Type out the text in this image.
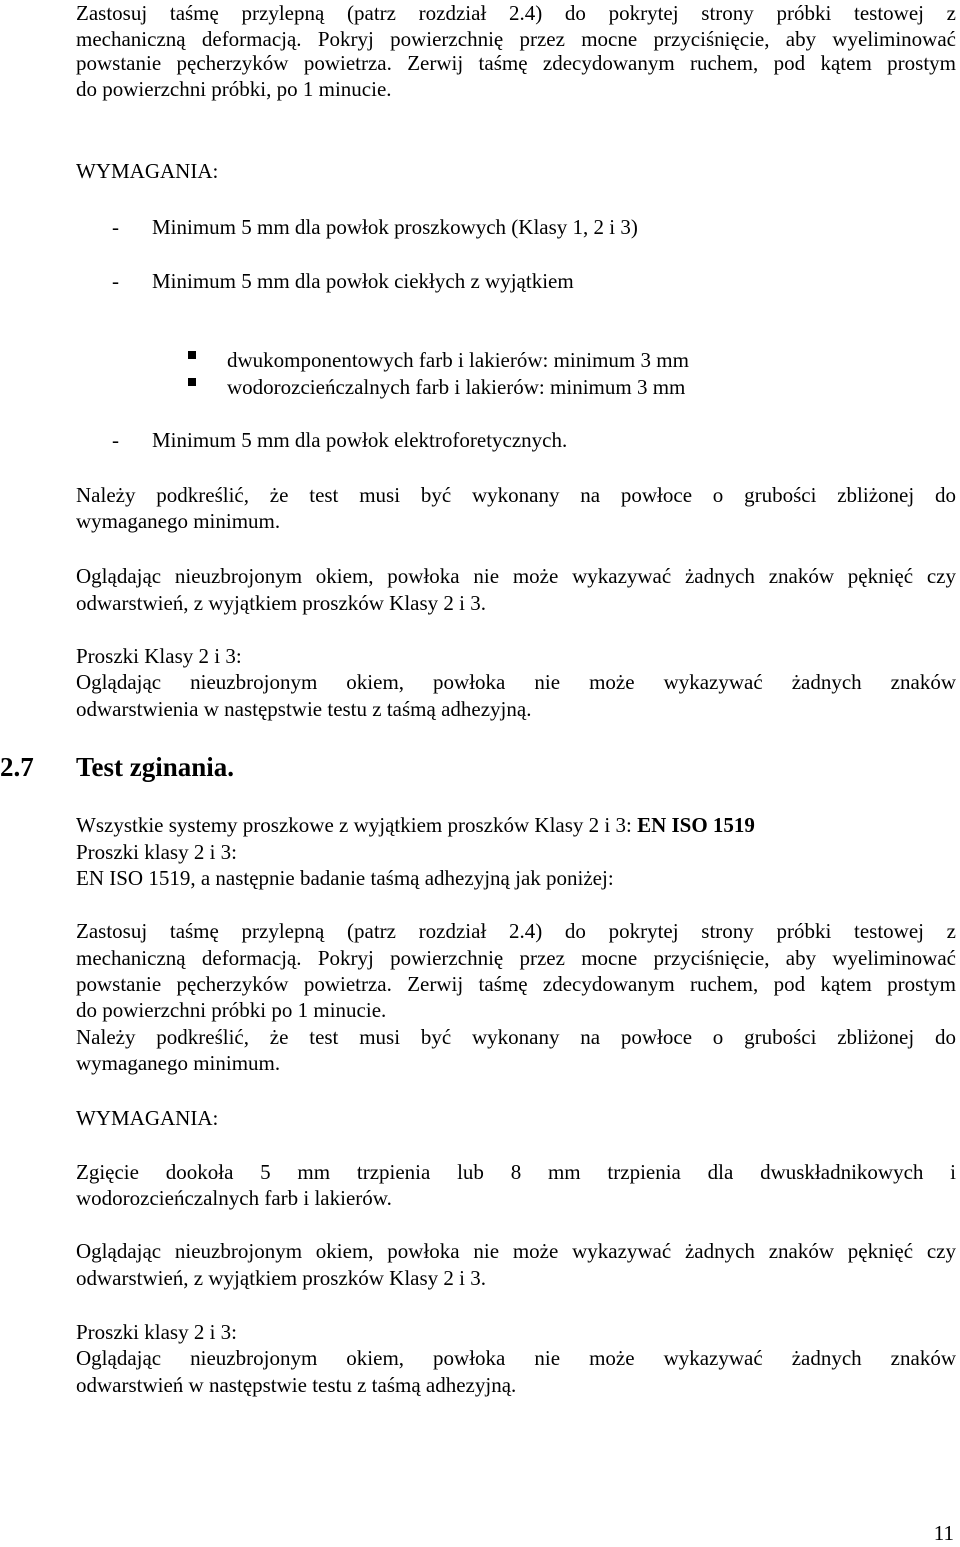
Zastosuj taśmę przylepną (patrz rozdział 2.4) do pokrytej strony próbki testowej z
mechaniczną deformacją. Pokryj powierzchnię przez mocne przyciśnięcie, aby wyeliminować
powstanie pęcherzyków powietrza. Zerwij taśmę zdecydowanym ruchem, pod kątem prostym
do powierzchni próbki, po 1 minucie.
WYMAGANIA:
- Minimum 5 mm dla powłok proszkowych (Klasy 1, 2 i 3)
- Minimum 5 mm dla powłok ciekłych z wyjątkiem
dwukomponentowych farb i lakierów: minimum 3 mm
wodorozcieńczalnych farb i lakierów: minimum 3 mm
- Minimum 5 mm dla powłok elektroforetycznych.
Należy podkreślić, że test musi być wykonany na powłoce o grubości zbliżonej do
wymaganego minimum.
Oglądając nieuzbrojonym okiem, powłoka nie może wykazywać żadnych znaków pęknięć czy
odwarstwień, z wyjątkiem proszków Klasy 2 i 3.
Proszki Klasy 2 i 3:
Oglądając nieuzbrojonym okiem, powłoka nie może wykazywać żadnych znaków
odwarstwienia w następstwie testu z taśmą adhezyjną.
2.7 Test zginania.
Wszystkie systemy proszkowe z wyjątkiem proszków Klasy 2 i 3: EN ISO 1519
Proszki klasy 2 i 3:
EN ISO 1519, a następnie badanie taśmą adhezyjną jak poniżej:
Zastosuj taśmę przylepną (patrz rozdział 2.4) do pokrytej strony próbki testowej z
mechaniczną deformacją. Pokryj powierzchnię przez mocne przyciśnięcie, aby wyeliminować
powstanie pęcherzyków powietrza. Zerwij taśmę zdecydowanym ruchem, pod kątem prostym
do powierzchni próbki po 1 minucie.
Należy podkreślić, że test musi być wykonany na powłoce o grubości zbliżonej do
wymaganego minimum.
WYMAGANIA:
Zgięcie dookoła 5 mm trzpienia lub 8 mm trzpienia dla dwuskładnikowych i
wodorozcieńczalnych farb i lakierów.
Oglądając nieuzbrojonym okiem, powłoka nie może wykazywać żadnych znaków pęknięć czy
odwarstwień, z wyjątkiem proszków Klasy 2 i 3.
Proszki klasy 2 i 3:
Oglądając nieuzbrojonym okiem, powłoka nie może wykazywać żadnych znaków
odwarstwień w następstwie testu z taśmą adhezyjną.
11
